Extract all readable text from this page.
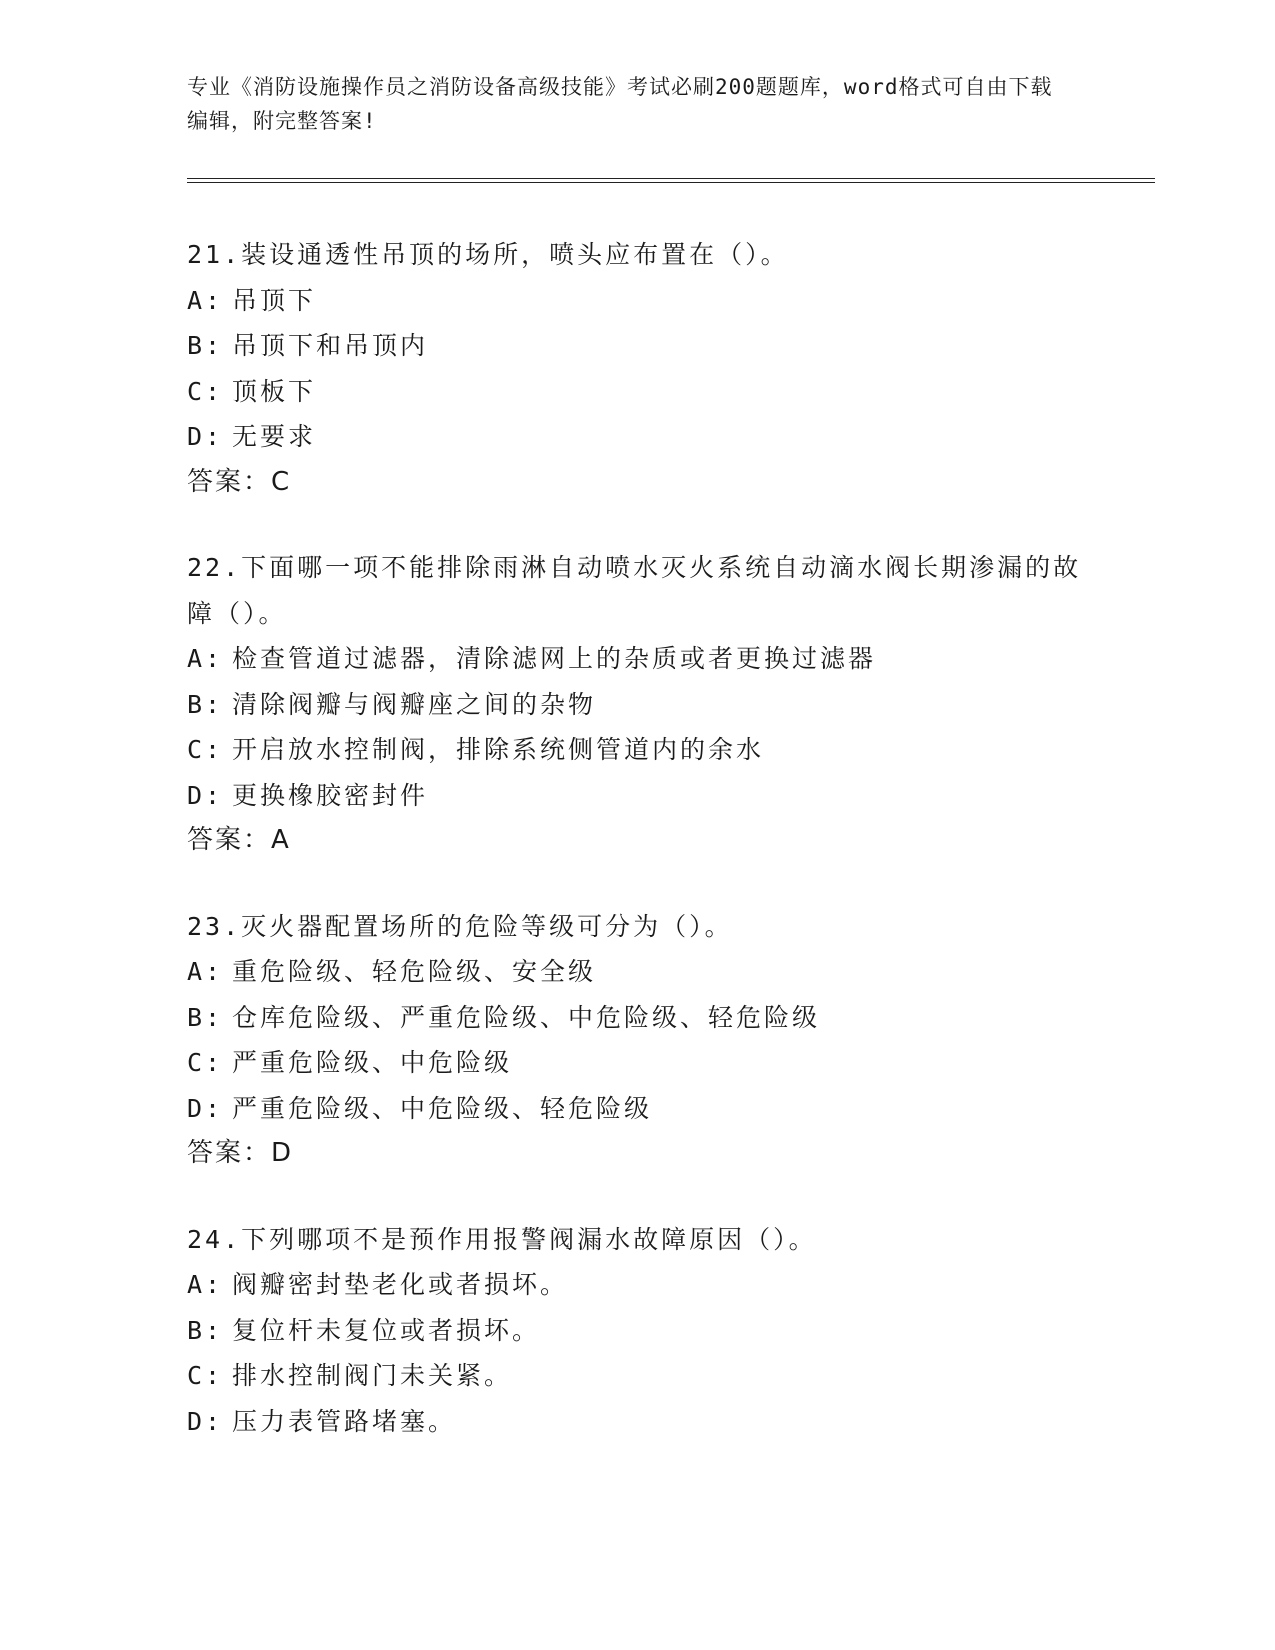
专业《消防设施操作员之消防设备高级技能》考试必刷200题题库，word格式可自由下载编辑，附完整答案!

21.装设通透性吊顶的场所，喷头应布置在（）。

A: 吊顶下

B: 吊顶下和吊顶内

C: 顶板下

D: 无要求

答案：C

22.下面哪一项不能排除雨淋自动喷水灭火系统自动滴水阀长期渗漏的故障（）。

A: 检查管道过滤器，清除滤网上的杂质或者更换过滤器

B: 清除阀瓣与阀瓣座之间的杂物

C: 开启放水控制阀，排除系统侧管道内的余水

D: 更换橡胶密封件

答案：A

23.灭火器配置场所的危险等级可分为（）。

A: 重危险级、轻危险级、安全级

B: 仓库危险级、严重危险级、中危险级、轻危险级

C: 严重危险级、中危险级

D: 严重危险级、中危险级、轻危险级

答案：D

24.下列哪项不是预作用报警阀漏水故障原因（）。

A: 阀瓣密封垫老化或者损坏。

B: 复位杆未复位或者损坏。

C: 排水控制阀门未关紧。

D: 压力表管路堵塞。
